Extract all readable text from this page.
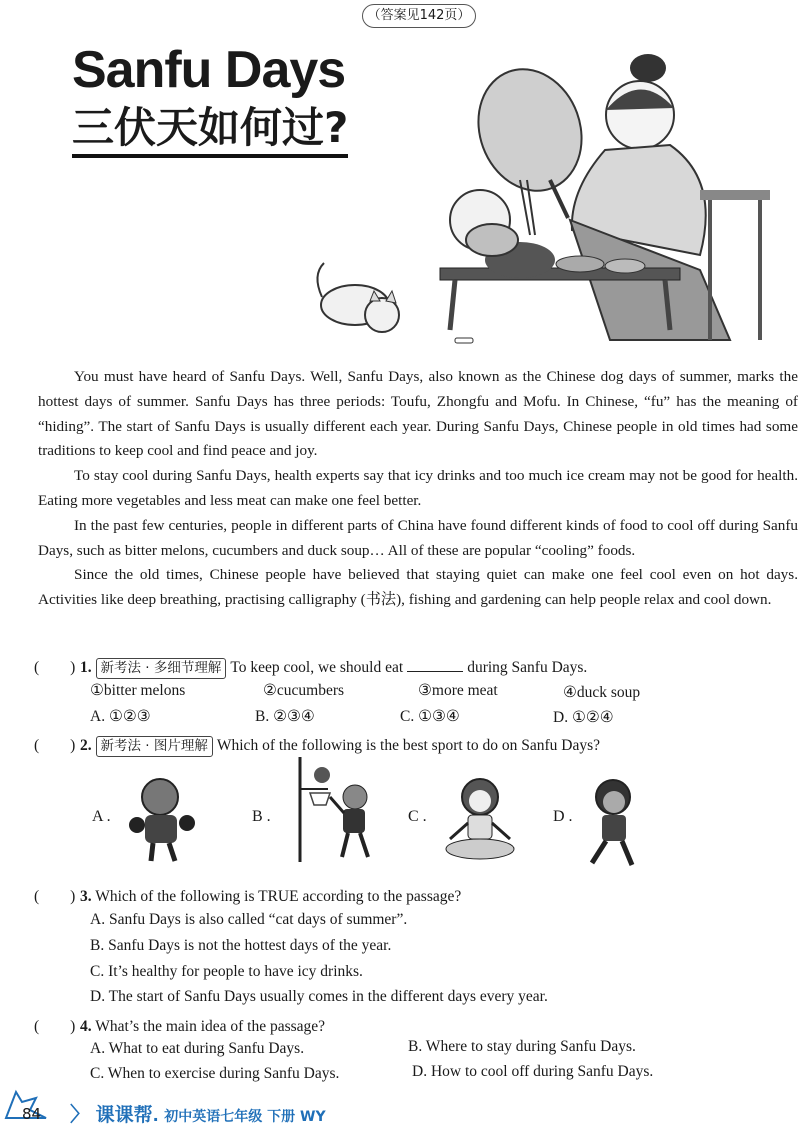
（答案见142页）
Sanfu Days
三伏天如何过?

You must have heard of Sanfu Days. Well, Sanfu Days, also known as the Chinese dog days of summer, marks the hottest days of summer. Sanfu Days has three periods: Toufu, Zhongfu and Mofu. In Chinese, “fu” has the meaning of “hiding”. The start of Sanfu Days is usually different each year. During Sanfu Days, Chinese people in old times had some traditions to keep cool and find peace and joy.

To stay cool during Sanfu Days, health experts say that icy drinks and too much ice cream may not be good for health. Eating more vegetables and less meat can make one feel better.

In the past few centuries, people in different parts of China have found different kinds of food to cool off during Sanfu Days, such as bitter melons, cucumbers and duck soup… All of these are popular “cooling” foods.

Since the old times, Chinese people have believed that staying quiet can make one feel cool even on hot days. Activities like deep breathing, practising calligraphy (书法), fishing and gardening can help people relax and cool down.

(　　) 1. 新考法 · 多细节理解 To keep cool, we should eat	during Sanfu Days.
①bitter melons	②cucumbers	③more meat	④duck soup
A. ①②③	B. ②③④	C. ①③④	D. ①②④
(　　) 2. 新考法 · 图片理解 Which of the following is the best sport to do on Sanfu Days?
A .	B .	C .	D .
(　　) 3. Which of the following is TRUE according to the passage?
A. Sanfu Days is also called “cat days of summer”.
B. Sanfu Days is not the hottest days of the year.
C. It’s healthy for people to have icy drinks.
D. The start of Sanfu Days usually comes in the different days every year.
(　　) 4. What’s the main idea of the passage?
A. What to eat during Sanfu Days.	B. Where to stay during Sanfu Days.
C. When to exercise during Sanfu Days.	D. How to cool off during Sanfu Days.
84 〉 课课帮. 初中英语七年级 下册 WY
